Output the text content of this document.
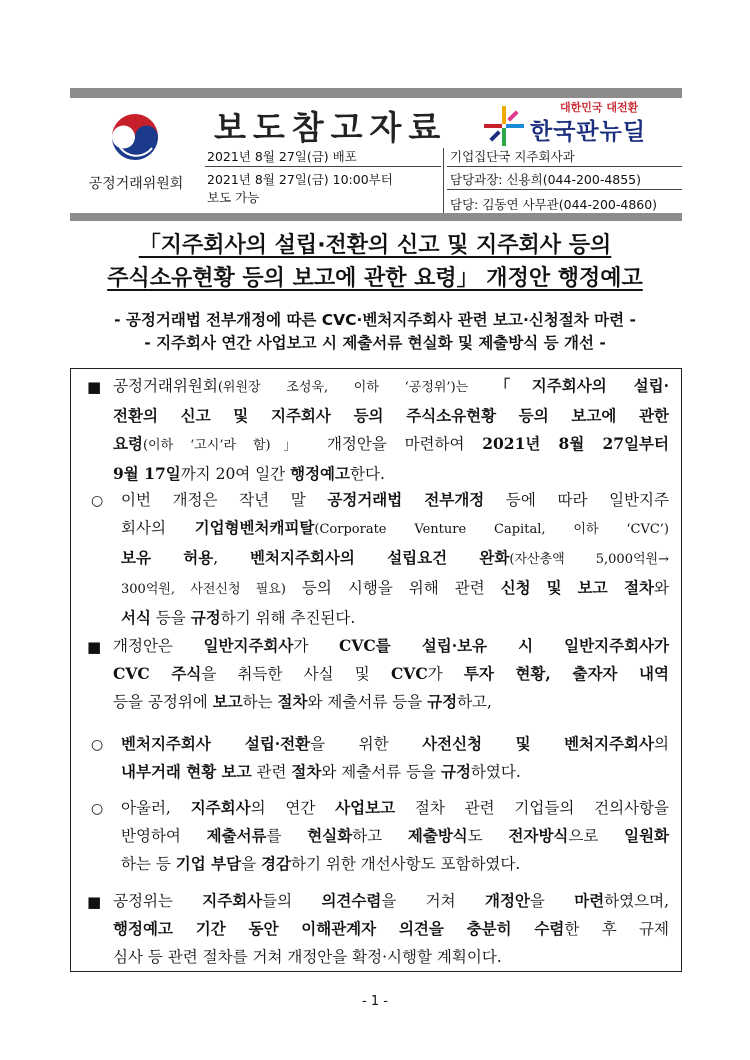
공정거래위원회
보도참고자료
대한민국 대전환
한국판뉴딜
2021년 8월 27일(금) 배포
2021년 8월 27일(금) 10:00부터
보도 가능
기업집단국 지주회사과
담당과장: 신용희(044-200-4855)
담당: 김동연 사무관(044-200-4860)
「지주회사의 설립·전환의 신고 및 지주회사 등의
주식소유현황 등의 보고에 관한 요령」 개정안 행정예고
- 공정거래법 전부개정에 따른 CVC·벤처지주회사 관련 보고·신청절차 마련 -
- 지주회사 연간 사업보고 시 제출서류 현실화 및 제출방식 등 개선 -
■ 공정거래위원회(위원장 조성욱, 이하 ‘공정위’)는 「지주회사의 설립·
전환의 신고 및 지주회사 등의 주식소유현황 등의 보고에 관한
요령(이하 ‘고시’라 함)」 개정안을 마련하여 2021년 8월 27일부터
9월 17일까지 20여 일간 행정예고한다.
○ 이번 개정은 작년 말 공정거래법 전부개정 등에 따라 일반지주
회사의 기업형벤처캐피탈(Corporate Venture Capital, 이하 ‘CVC’)
보유 허용, 벤처지주회사의 설립요건 완화(자산총액 5,000억원→
300억원, 사전신청 필요) 등의 시행을 위해 관련 신청 및 보고 절차와
서식 등을 규정하기 위해 추진된다.
■ 개정안은 일반지주회사가 CVC를 설립·보유 시 일반지주회사가
CVC 주식을 취득한 사실 및 CVC가 투자 현황, 출자자 내역
등을 공정위에 보고하는 절차와 제출서류 등을 규정하고,
○ 벤처지주회사 설립·전환을 위한 사전신청 및 벤처지주회사의
내부거래 현황 보고 관련 절차와 제출서류 등을 규정하였다.
○ 아울러, 지주회사의 연간 사업보고 절차 관련 기업들의 건의사항을
반영하여 제출서류를 현실화하고 제출방식도 전자방식으로 일원화
하는 등 기업 부담을 경감하기 위한 개선사항도 포함하였다.
■ 공정위는 지주회사들의 의견수렴을 거쳐 개정안을 마련하였으며,
행정예고 기간 동안 이해관계자 의견을 충분히 수렴한 후 규제
심사 등 관련 절차를 거쳐 개정안을 확정·시행할 계획이다.
- 1 -
